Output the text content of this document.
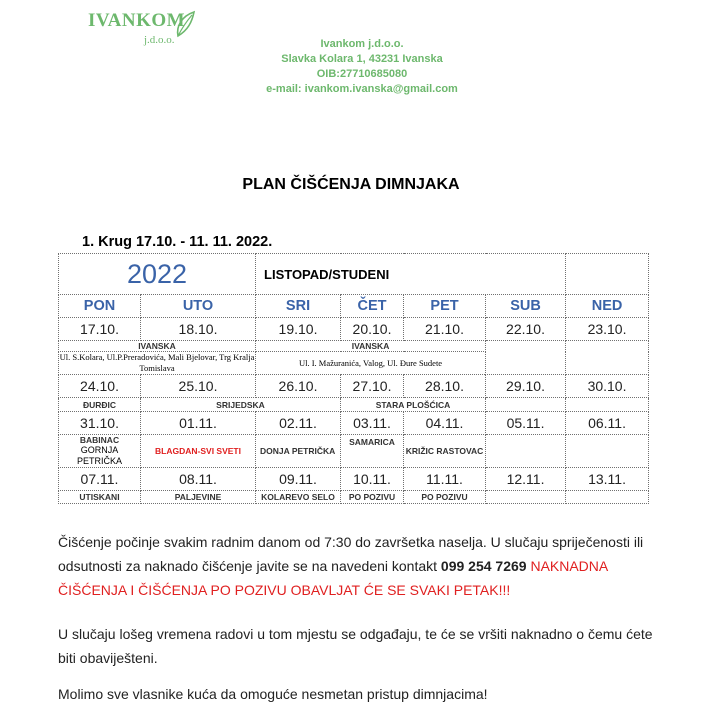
IVANKOM
j.d.o.o.	Ivankom j.d.o.o.
Slavka Kolara 1, 43231 Ivanska
OIB:27710685080
e-mail: ivankom.ivanska@gmail.com
PLAN ČIŠĆENJA DIMNJAKA
1. Krug 17.10. - 11. 11. 2022.
2022		LISTOPAD/STUDENI				
PON	UTO	SRI	ČET	PET	SUB	NED
17.10.	18.10.	19.10.	20.10.	21.10.	22.10.	23.10.
IVANSKA		IVANSKA				
Ul. S.Kolara, Ul.P.Preradovića, Mali Bjelovar, Trg Kralja Tomislava		Ul. I. Mažuranića, Valog, Ul. Đure Sudete				
24.10.	25.10.	26.10.	27.10.	28.10.	29.10.	30.10.
ĐURĐIC	SRIJEDSKA		STARA PLOŠĆICA			
31.10.	01.11.	02.11.	03.11.	04.11.	05.11.	06.11.

BABINAC
GORNJA PETRIČKA	BLAGDAN-SVI SVETI	DONJA PETRIČKA	SAMARICA	KRIŽIC RASTOVAC		
07.11.	08.11.	09.11.	10.11.	11.11.	12.11.	13.11.
UTISKANI	PALJEVINE	KOLAREVO SELO	PO POZIVU	PO POZIVU		
Čišćenje počinje svakim radnim danom od 7:30 do završetka naselja. U slučaju spriječenosti ili odsutnosti za naknado čišćenje javite se na navedeni kontakt 099 254 7269 NAKNADNA ČIŠĆENJA I ČIŠĆENJA PO POZIVU OBAVLJAT ĆE SE SVAKI PETAK!!!
U slučaju lošeg vremena radovi u tom mjestu se odgađaju, te će se vršiti naknadno o čemu ćete biti obaviješteni.
Molimo sve vlasnike kuća da omoguće nesmetan pristup dimnjacima!
